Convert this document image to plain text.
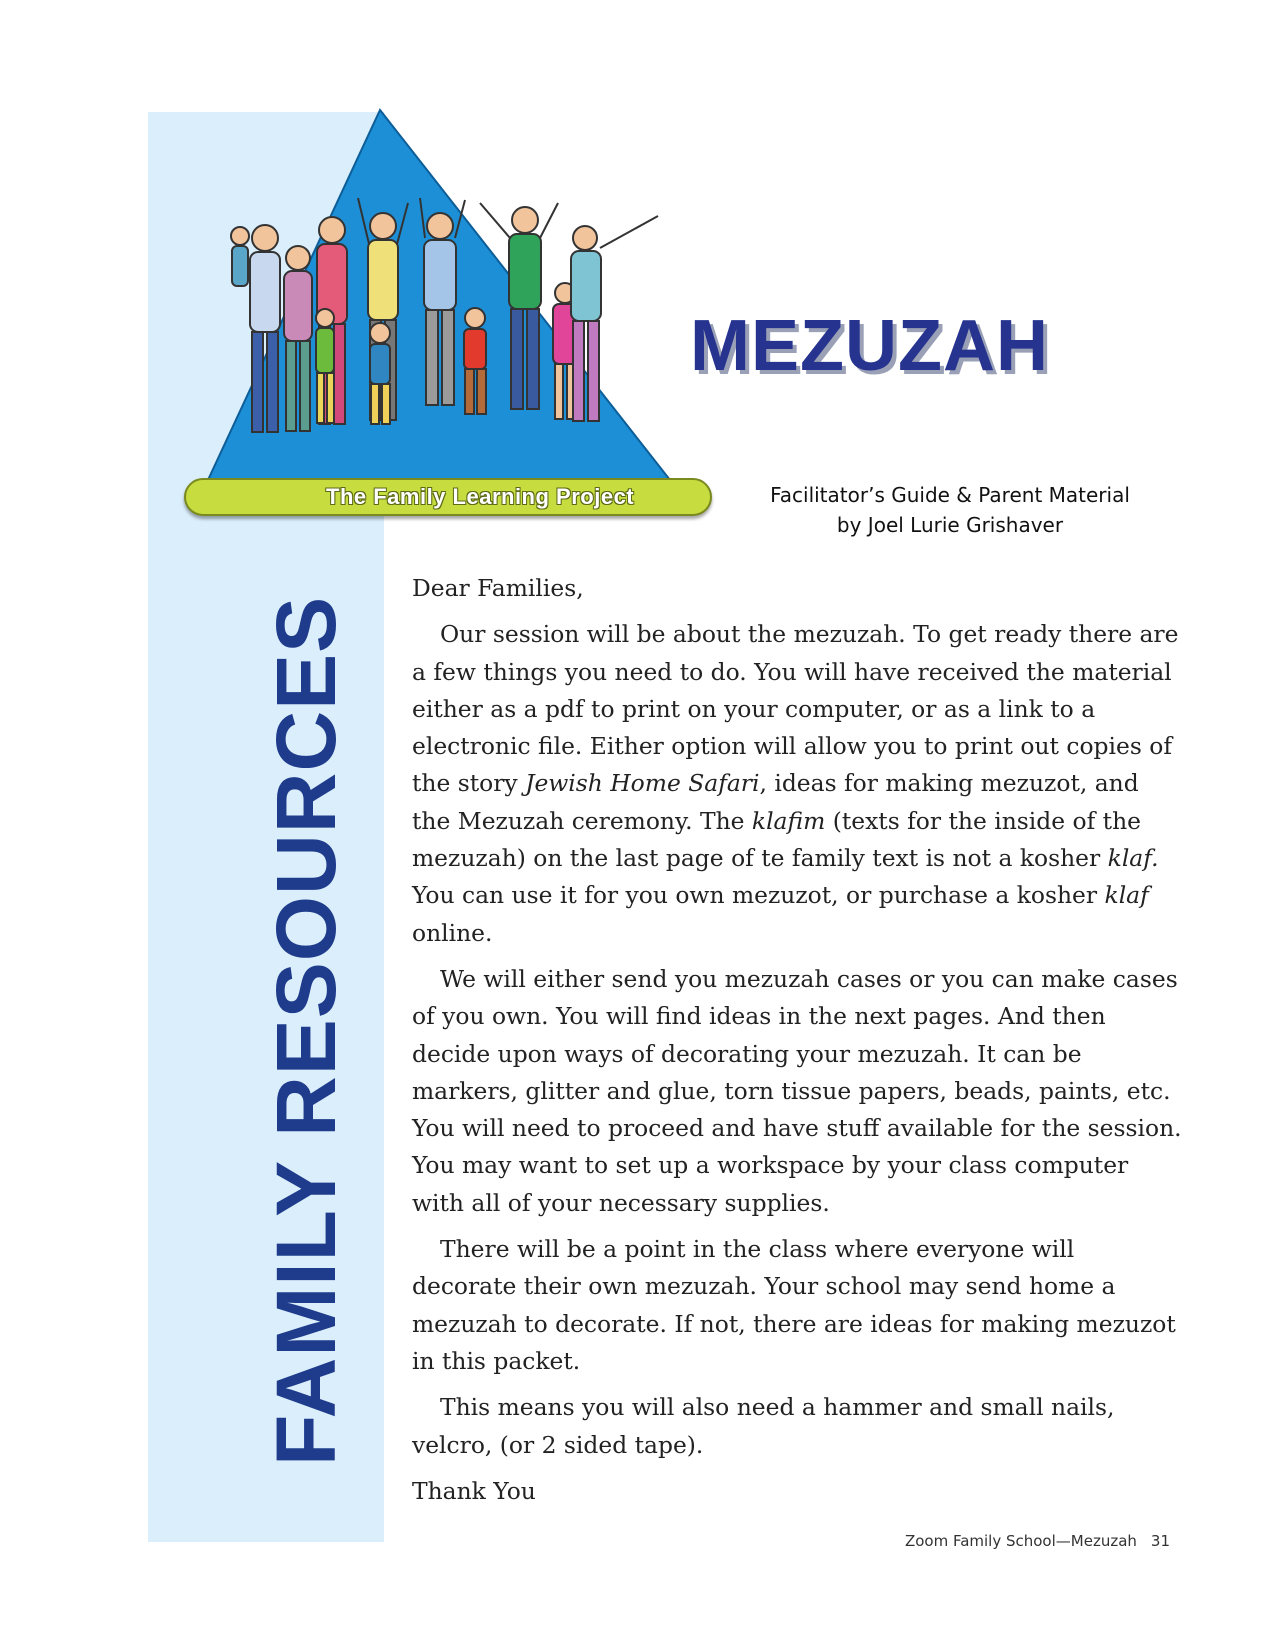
FAMILY RESOURCES
The Family Learning Project
MEZUZAH
Facilitator’s Guide & Parent Material
by Joel Lurie Grishaver

Dear Families,

Our session will be about the mezuzah. To get ready there are a few things you need to do. You will have received the material either as a pdf to print on your computer, or as a link to a electronic file. Either option will allow you to print out copies of the story Jewish Home Safari, ideas for making mezuzot, and the Mezuzah ceremony. The klafim (texts for the inside of the mezuzah) on the last page of te family text is not a kosher klaf. You can use it for you own mezuzot, or purchase a kosher klaf online.

We will either send you mezuzah cases or you can make cases of you own. You will find ideas in the next pages. And then decide upon ways of decorating your mezuzah. It can be markers, glitter and glue, torn tissue papers, beads, paints, etc. You will need to proceed and have stuff available for the session. You may want to set up a workspace by your class computer with all of your necessary supplies.

There will be a point in the class where everyone will decorate their own mezuzah. Your school may send home a mezuzah to decorate. If not, there are ideas for making mezuzot in this packet.

This means you will also need a hammer and small nails, velcro, (or 2 sided tape).

Thank You

Zoom Family School—Mezuzah 31
